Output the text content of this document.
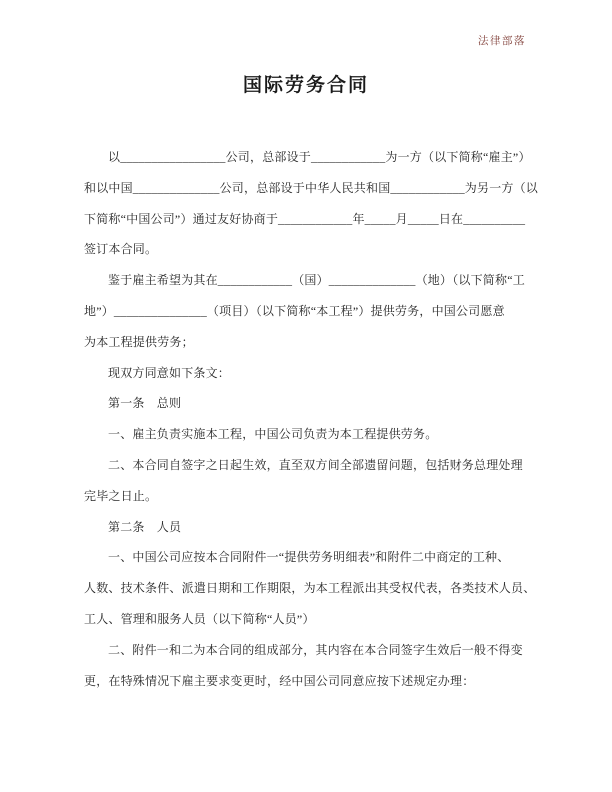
法律部落
国际劳务合同
以_________________公司，总部设于____________为一方（以下简称“雇主”）
和以中国______________公司，总部设于中华人民共和国____________为另一方（以
下简称“中国公司”）通过友好协商于____________年_____月_____日在__________
签订本合同。
鉴于雇主希望为其在____________（国）______________（地）（以下简称“工
地”）_______________（项目）（以下简称“本工程”）提供劳务，中国公司愿意
为本工程提供劳务；
现双方同意如下条文：
第一条　总则
一、雇主负责实施本工程，中国公司负责为本工程提供劳务。
二、本合同自签字之日起生效，直至双方间全部遗留问题，包括财务总理处理
完毕之日止。
第二条　人员
一、中国公司应按本合同附件一“提供劳务明细表”和附件二中商定的工种、
人数、技术条件、派遣日期和工作期限，为本工程派出其受权代表，各类技术人员、
工人、管理和服务人员（以下简称“人员”）
二、附件一和二为本合同的组成部分，其内容在本合同签字生效后一般不得变
更，在特殊情况下雇主要求变更时，经中国公司同意应按下述规定办理：
